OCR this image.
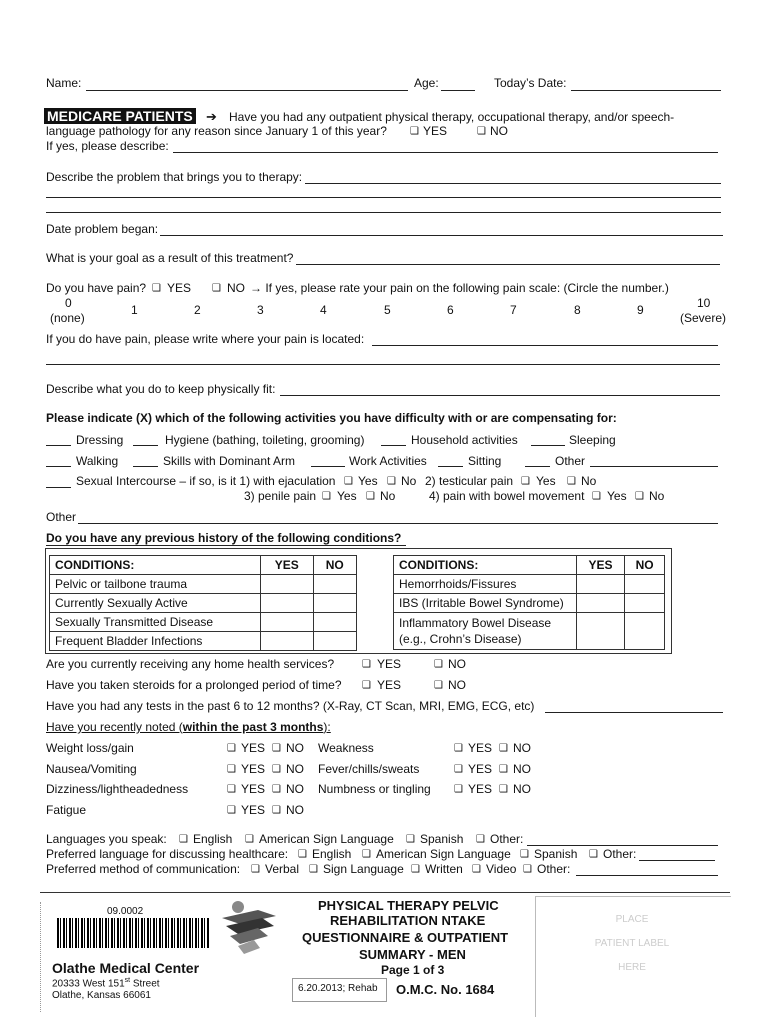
Name:	Age:	Today’s Date:
MEDICARE PATIENTS ➔ Have you had any outpatient physical therapy, occupational therapy, and/or speech-
language pathology for any reason since January 1 of this year? ❑ YES	❑ NO
If yes, please describe:
Describe the problem that brings you to therapy:
Date problem began:
What is your goal as a result of this treatment?
Do you have pain? ❑ YES ❑ NO → If yes, please rate your pain on the following pain scale: (Circle the number.)
0
(none)
1	2	3	4	5	6	7	8	9	10
(Severe)
If you do have pain, please write where your pain is located:
Describe what you do to keep physically fit:
Please indicate (X) which of the following activities you have difficulty with or are compensating for:
Dressing	Hygiene (bathing, toileting, grooming)	Household activities	Sleeping
Walking	Skills with Dominant Arm	Work Activities	Sitting	Other
Sexual Intercourse – if so, is it 1) with ejaculation ❑ Yes ❑ No 2) testicular pain ❑ Yes ❑ No
3) penile pain ❑ Yes ❑ No	4) pain with bowel movement ❑ Yes ❑ No
Other
Do you have any previous history of the following conditions?
CONDITIONS:	YES	NO
Pelvic or tailbone trauma		
Currently Sexually Active		
Sexually Transmitted Disease		
Frequent Bladder Infections		
CONDITIONS:	YES	NO
Hemorrhoids/Fissures		
IBS (Irritable Bowel Syndrome)		
Inflammatory Bowel Disease
(e.g., Crohn’s Disease)		
Are you currently receiving any home health services?	❑ YES	❑ NO
Have you taken steroids for a prolonged period of time? ❑ YES	❑ NO
Have you had any tests in the past 6 to 12 months? (X-Ray, CT Scan, MRI, EMG, ECG, etc)
Have you recently noted (within the past 3 months):
Weight loss/gain	❑ YES ❑ NO Weakness	❑ YES ❑ NO
Nausea/Vomiting	❑ YES ❑ NO Fever/chills/sweats	❑ YES ❑ NO
Dizziness/lightheadedness	❑ YES ❑ NO Numbness or tingling ❑ YES ❑ NO
Fatigue	❑ YES ❑ NO
Languages you speak: ❑ English ❑ American Sign Language ❑ Spanish ❑ Other:
Preferred language for discussing healthcare: ❑ English ❑ American Sign Language ❑ Spanish ❑ Other:
Preferred method of communication: ❑ Verbal ❑ Sign Language ❑ Written ❑ Video ❑ Other:
09.0002
Olathe Medical Center
20333 West 151st Street
Olathe, Kansas 66061
PHYSICAL THERAPY PELVIC
REHABILITATION NTAKE
QUESTIONNAIRE & OUTPATIENT
SUMMARY - MEN
Page 1 of 3
6.20.2013; Rehab O.M.C. No. 1684
PLACE
PATIENT LABEL
HERE
